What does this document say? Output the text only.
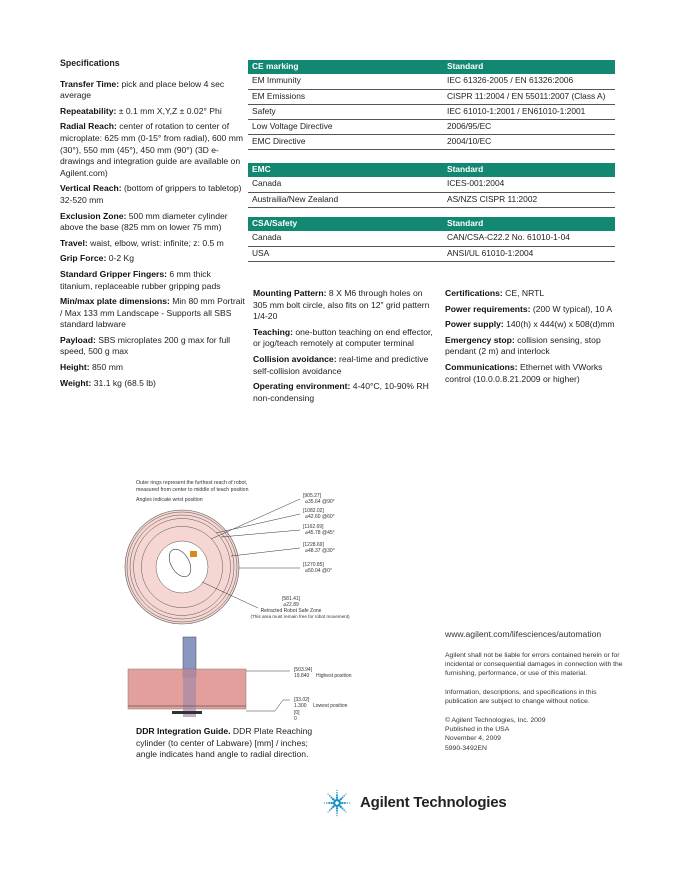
Specifications
Transfer Time: pick and place below 4 sec average
Repeatability: ± 0.1 mm X,Y,Z ± 0.02° Phi
Radial Reach: center of rotation to center of microplate: 625 mm (0-15° from radial), 600 mm (30°), 550 mm (45°), 450 mm (90°) (3D e-drawings and integration guide are available on Agilent.com)
Vertical Reach: (bottom of grippers to tabletop) 32-520 mm
Exclusion Zone: 500 mm diameter cylinder above the base (825 mm on lower 75 mm)
Travel: waist, elbow, wrist: infinite; z: 0.5 m
Grip Force: 0-2 Kg
Standard Gripper Fingers: 6 mm thick titanium, replaceable rubber gripping pads
Min/max plate dimensions: Min 80 mm Portrait / Max 133 mm Landscape - Supports all SBS standard labware
Payload: SBS microplates 200 g max for full speed, 500 g max
Height: 850 mm
Weight: 31.1 kg (68.5 lb)
CE marking	Standard
EM Immunity	IEC 61326-2005 / EN 61326:2006
EM Emissions	CISPR 11:2004 / EN 55011:2007 (Class A)
Safety	IEC 61010-1:2001 / EN61010-1:2001
Low Voltage Directive	2006/95/EC
EMC Directive	2004/10/EC
EMC	Standard
Canada	ICES-001:2004
Austrailia/New Zealand	AS/NZS CISPR 11:2002
CSA/Safety	Standard
Canada	CAN/CSA-C22.2 No. 61010-1-04
USA	ANSI/UL 61010-1:2004
Mounting Pattern: 8 X M6 through holes on 305 mm bolt circle, also fits on 12" grid pattern 1/4-20
Teaching: one-button teaching on end effector, or jog/teach remotely at computer terminal
Collision avoidance: real-time and predictive self-collision avoidance
Operating environment: 4-40°C, 10-90% RH non-condensing
Certifications: CE, NRTL
Power requirements: (200 W typical), 10 A
Power supply: 140(h) x 444(w) x 508(d)mm
Emergency stop: collision sensing, stop pendant (2 m) and interlock
Communications: Ethernet with VWorks control (10.0.0.8.21.2009 or higher)
Outer rings represent the furthest reach of robot,
measured from center to middle of teach position
Angles indicate wrist position
[905.27]
⌀35.64 @90°
[1082.02]
⌀42.60 @60°
[1162.69]
⌀45.78 @45°
[1228.69]
⌀48.37 @30°
[1270.85]
⌀50.04 @0°
[581.41]
⌀22.89
Retracted Robot Safe Zone
(This area must remain free for robot movement)
[503.94]
19.840 Highest position
[33.02]
1.300 Lowest position
[0]
0
DDR Integration Guide. DDR Plate Reaching cylinder (to center of Labware) [mm] / inches; angle indicates hand angle to radial direction.
www.agilent.com/lifesciences/automation
Agilent shall not be liable for errors contained herein or for incidental or consequential damages in connection with the furnishing, performance, or use of this material.
Information, descriptions, and specifications in this publication are subject to change without notice.
© Agilent Technologies, Inc. 2009
Published in the USA
November 4, 2009
5990-3492EN
Agilent Technologies
